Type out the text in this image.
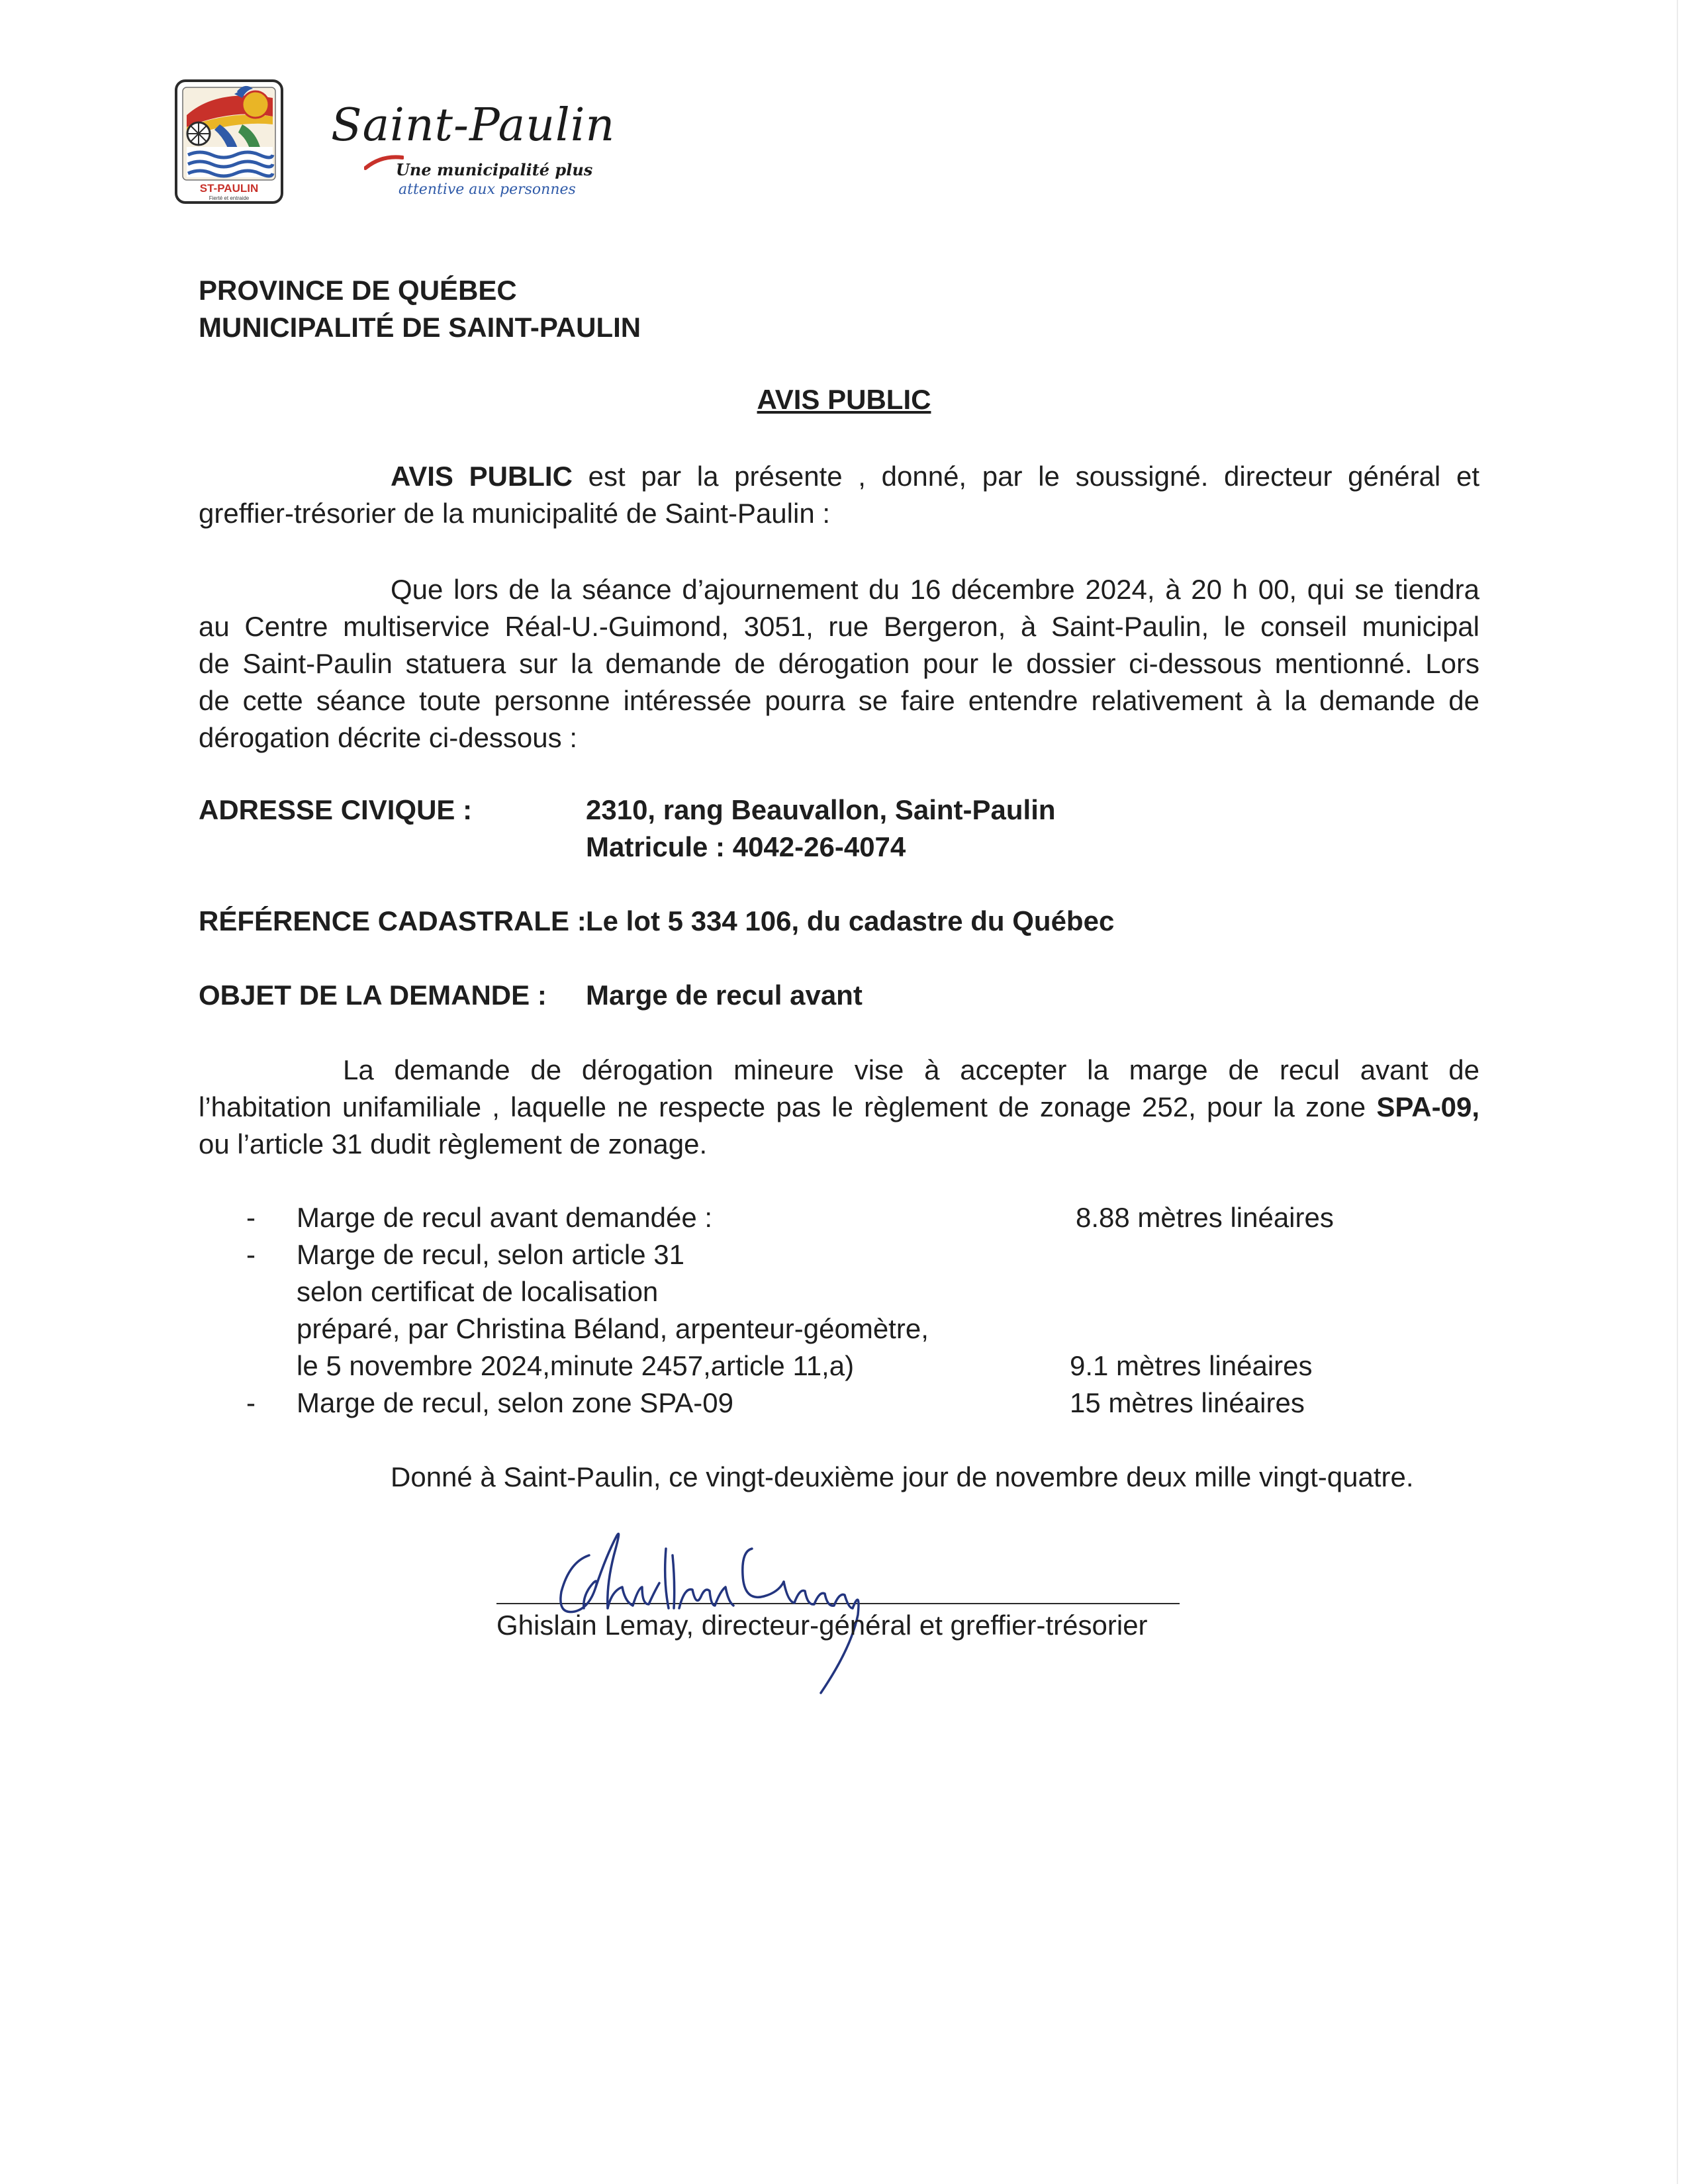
ST-PAULIN
Fierté et entraide
Saint-Paulin
Une municipalité plus
attentive aux personnes
PROVINCE DE QUÉBEC
MUNICIPALITÉ DE SAINT-PAULIN
AVIS PUBLIC
AVIS PUBLIC est par la présente , donné, par le soussigné. directeur général et
greffier-trésorier de la municipalité de Saint-Paulin :
Que lors de la séance d’ajournement du 16 décembre 2024, à 20 h 00, qui se tiendra
au Centre multiservice Réal-U.-Guimond, 3051, rue Bergeron, à Saint-Paulin, le conseil municipal
de Saint-Paulin statuera sur la demande de dérogation pour le dossier ci-dessous mentionné. Lors
de cette séance toute personne intéressée pourra se faire entendre relativement à la demande de
dérogation décrite ci-dessous :
ADRESSE CIVIQUE :	2310, rang Beauvallon, Saint-Paulin
Matricule : 4042-26-4074
RÉFÉRENCE CADASTRALE : Le lot 5 334 106, du cadastre du Québec
OBJET DE LA DEMANDE : Marge de recul avant
La demande de dérogation mineure vise à accepter la marge de recul avant de
l’habitation unifamiliale , laquelle ne respecte pas le règlement de zonage 252, pour la zone SPA-09,
ou l’article 31 dudit règlement de zonage.
- Marge de recul avant demandée :	8.88 mètres linéaires
- Marge de recul, selon article 31
selon certificat de localisation
préparé, par Christina Béland, arpenteur-géomètre,
le 5 novembre 2024,minute 2457,article 11,a)	9.1 mètres linéaires
- Marge de recul, selon zone SPA-09	15 mètres linéaires
Donné à Saint-Paulin, ce vingt-deuxième jour de novembre deux mille vingt-quatre.
Ghislain Lemay, directeur-général et greffier-trésorier
